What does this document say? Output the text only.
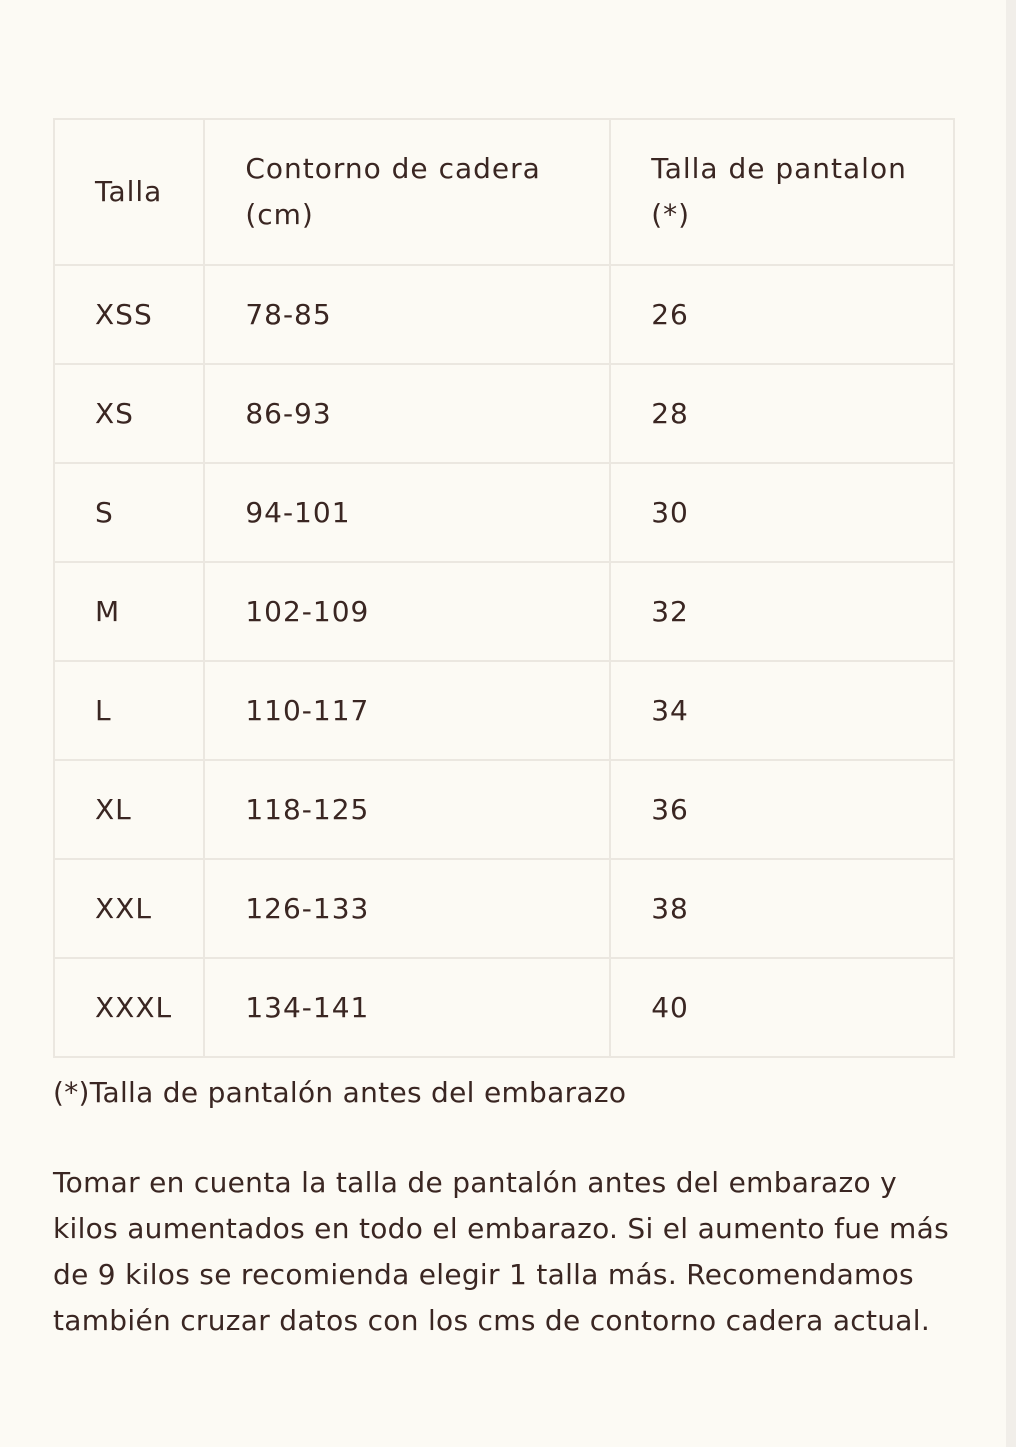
Talla	Contorno de cadera (cm)	Talla de pantalon (*)
XSS	78-85	26
XS	86-93	28
S	94-101	30
M	102-109	32
L	110-117	34
XL	118-125	36
XXL	126-133	38
XXXL	134-141	40

(*)Talla de pantalón antes del embarazo

Tomar en cuenta la talla de pantalón antes del embarazo y kilos aumentados en todo el embarazo. Si el aumento fue más de 9 kilos se recomienda elegir 1 talla más. Recomendamos también cruzar datos con los cms de contorno cadera actual.
